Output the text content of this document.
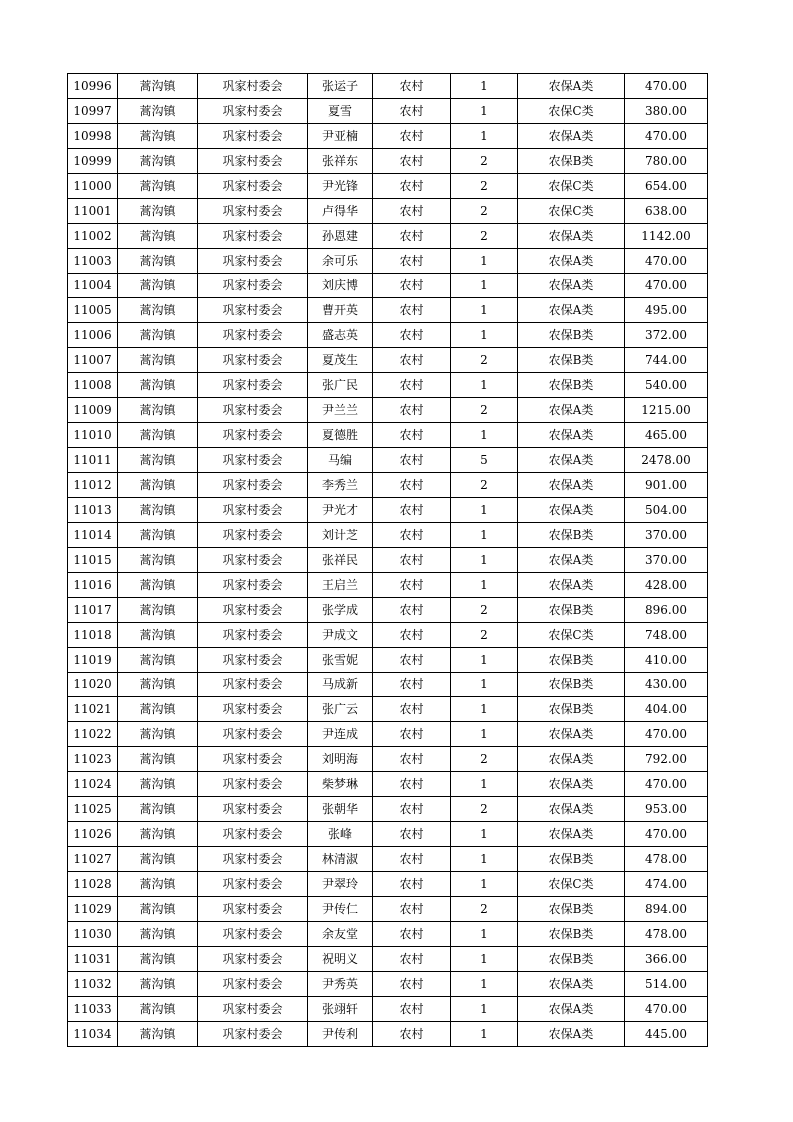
10996	蒿沟镇	巩家村委会	张运子	农村	1	农保A类	470.00
10997	蒿沟镇	巩家村委会	夏雪	农村	1	农保C类	380.00
10998	蒿沟镇	巩家村委会	尹亚楠	农村	1	农保A类	470.00
10999	蒿沟镇	巩家村委会	张祥东	农村	2	农保B类	780.00
11000	蒿沟镇	巩家村委会	尹光锋	农村	2	农保C类	654.00
11001	蒿沟镇	巩家村委会	卢得华	农村	2	农保C类	638.00
11002	蒿沟镇	巩家村委会	孙恩建	农村	2	农保A类	1142.00
11003	蒿沟镇	巩家村委会	余可乐	农村	1	农保A类	470.00
11004	蒿沟镇	巩家村委会	刘庆博	农村	1	农保A类	470.00
11005	蒿沟镇	巩家村委会	曹开英	农村	1	农保A类	495.00
11006	蒿沟镇	巩家村委会	盛志英	农村	1	农保B类	372.00
11007	蒿沟镇	巩家村委会	夏茂生	农村	2	农保B类	744.00
11008	蒿沟镇	巩家村委会	张广民	农村	1	农保B类	540.00
11009	蒿沟镇	巩家村委会	尹兰兰	农村	2	农保A类	1215.00
11010	蒿沟镇	巩家村委会	夏德胜	农村	1	农保A类	465.00
11011	蒿沟镇	巩家村委会	马编	农村	5	农保A类	2478.00
11012	蒿沟镇	巩家村委会	李秀兰	农村	2	农保A类	901.00
11013	蒿沟镇	巩家村委会	尹光才	农村	1	农保A类	504.00
11014	蒿沟镇	巩家村委会	刘计芝	农村	1	农保B类	370.00
11015	蒿沟镇	巩家村委会	张祥民	农村	1	农保A类	370.00
11016	蒿沟镇	巩家村委会	王启兰	农村	1	农保A类	428.00
11017	蒿沟镇	巩家村委会	张学成	农村	2	农保B类	896.00
11018	蒿沟镇	巩家村委会	尹成文	农村	2	农保C类	748.00
11019	蒿沟镇	巩家村委会	张雪妮	农村	1	农保B类	410.00
11020	蒿沟镇	巩家村委会	马成新	农村	1	农保B类	430.00
11021	蒿沟镇	巩家村委会	张广云	农村	1	农保B类	404.00
11022	蒿沟镇	巩家村委会	尹连成	农村	1	农保A类	470.00
11023	蒿沟镇	巩家村委会	刘明海	农村	2	农保A类	792.00
11024	蒿沟镇	巩家村委会	柴梦琳	农村	1	农保A类	470.00
11025	蒿沟镇	巩家村委会	张朝华	农村	2	农保A类	953.00
11026	蒿沟镇	巩家村委会	张峰	农村	1	农保A类	470.00
11027	蒿沟镇	巩家村委会	林清淑	农村	1	农保B类	478.00
11028	蒿沟镇	巩家村委会	尹翠玲	农村	1	农保C类	474.00
11029	蒿沟镇	巩家村委会	尹传仁	农村	2	农保B类	894.00
11030	蒿沟镇	巩家村委会	余友堂	农村	1	农保B类	478.00
11031	蒿沟镇	巩家村委会	祝明义	农村	1	农保B类	366.00
11032	蒿沟镇	巩家村委会	尹秀英	农村	1	农保A类	514.00
11033	蒿沟镇	巩家村委会	张翊轩	农村	1	农保A类	470.00
11034	蒿沟镇	巩家村委会	尹传利	农村	1	农保A类	445.00
